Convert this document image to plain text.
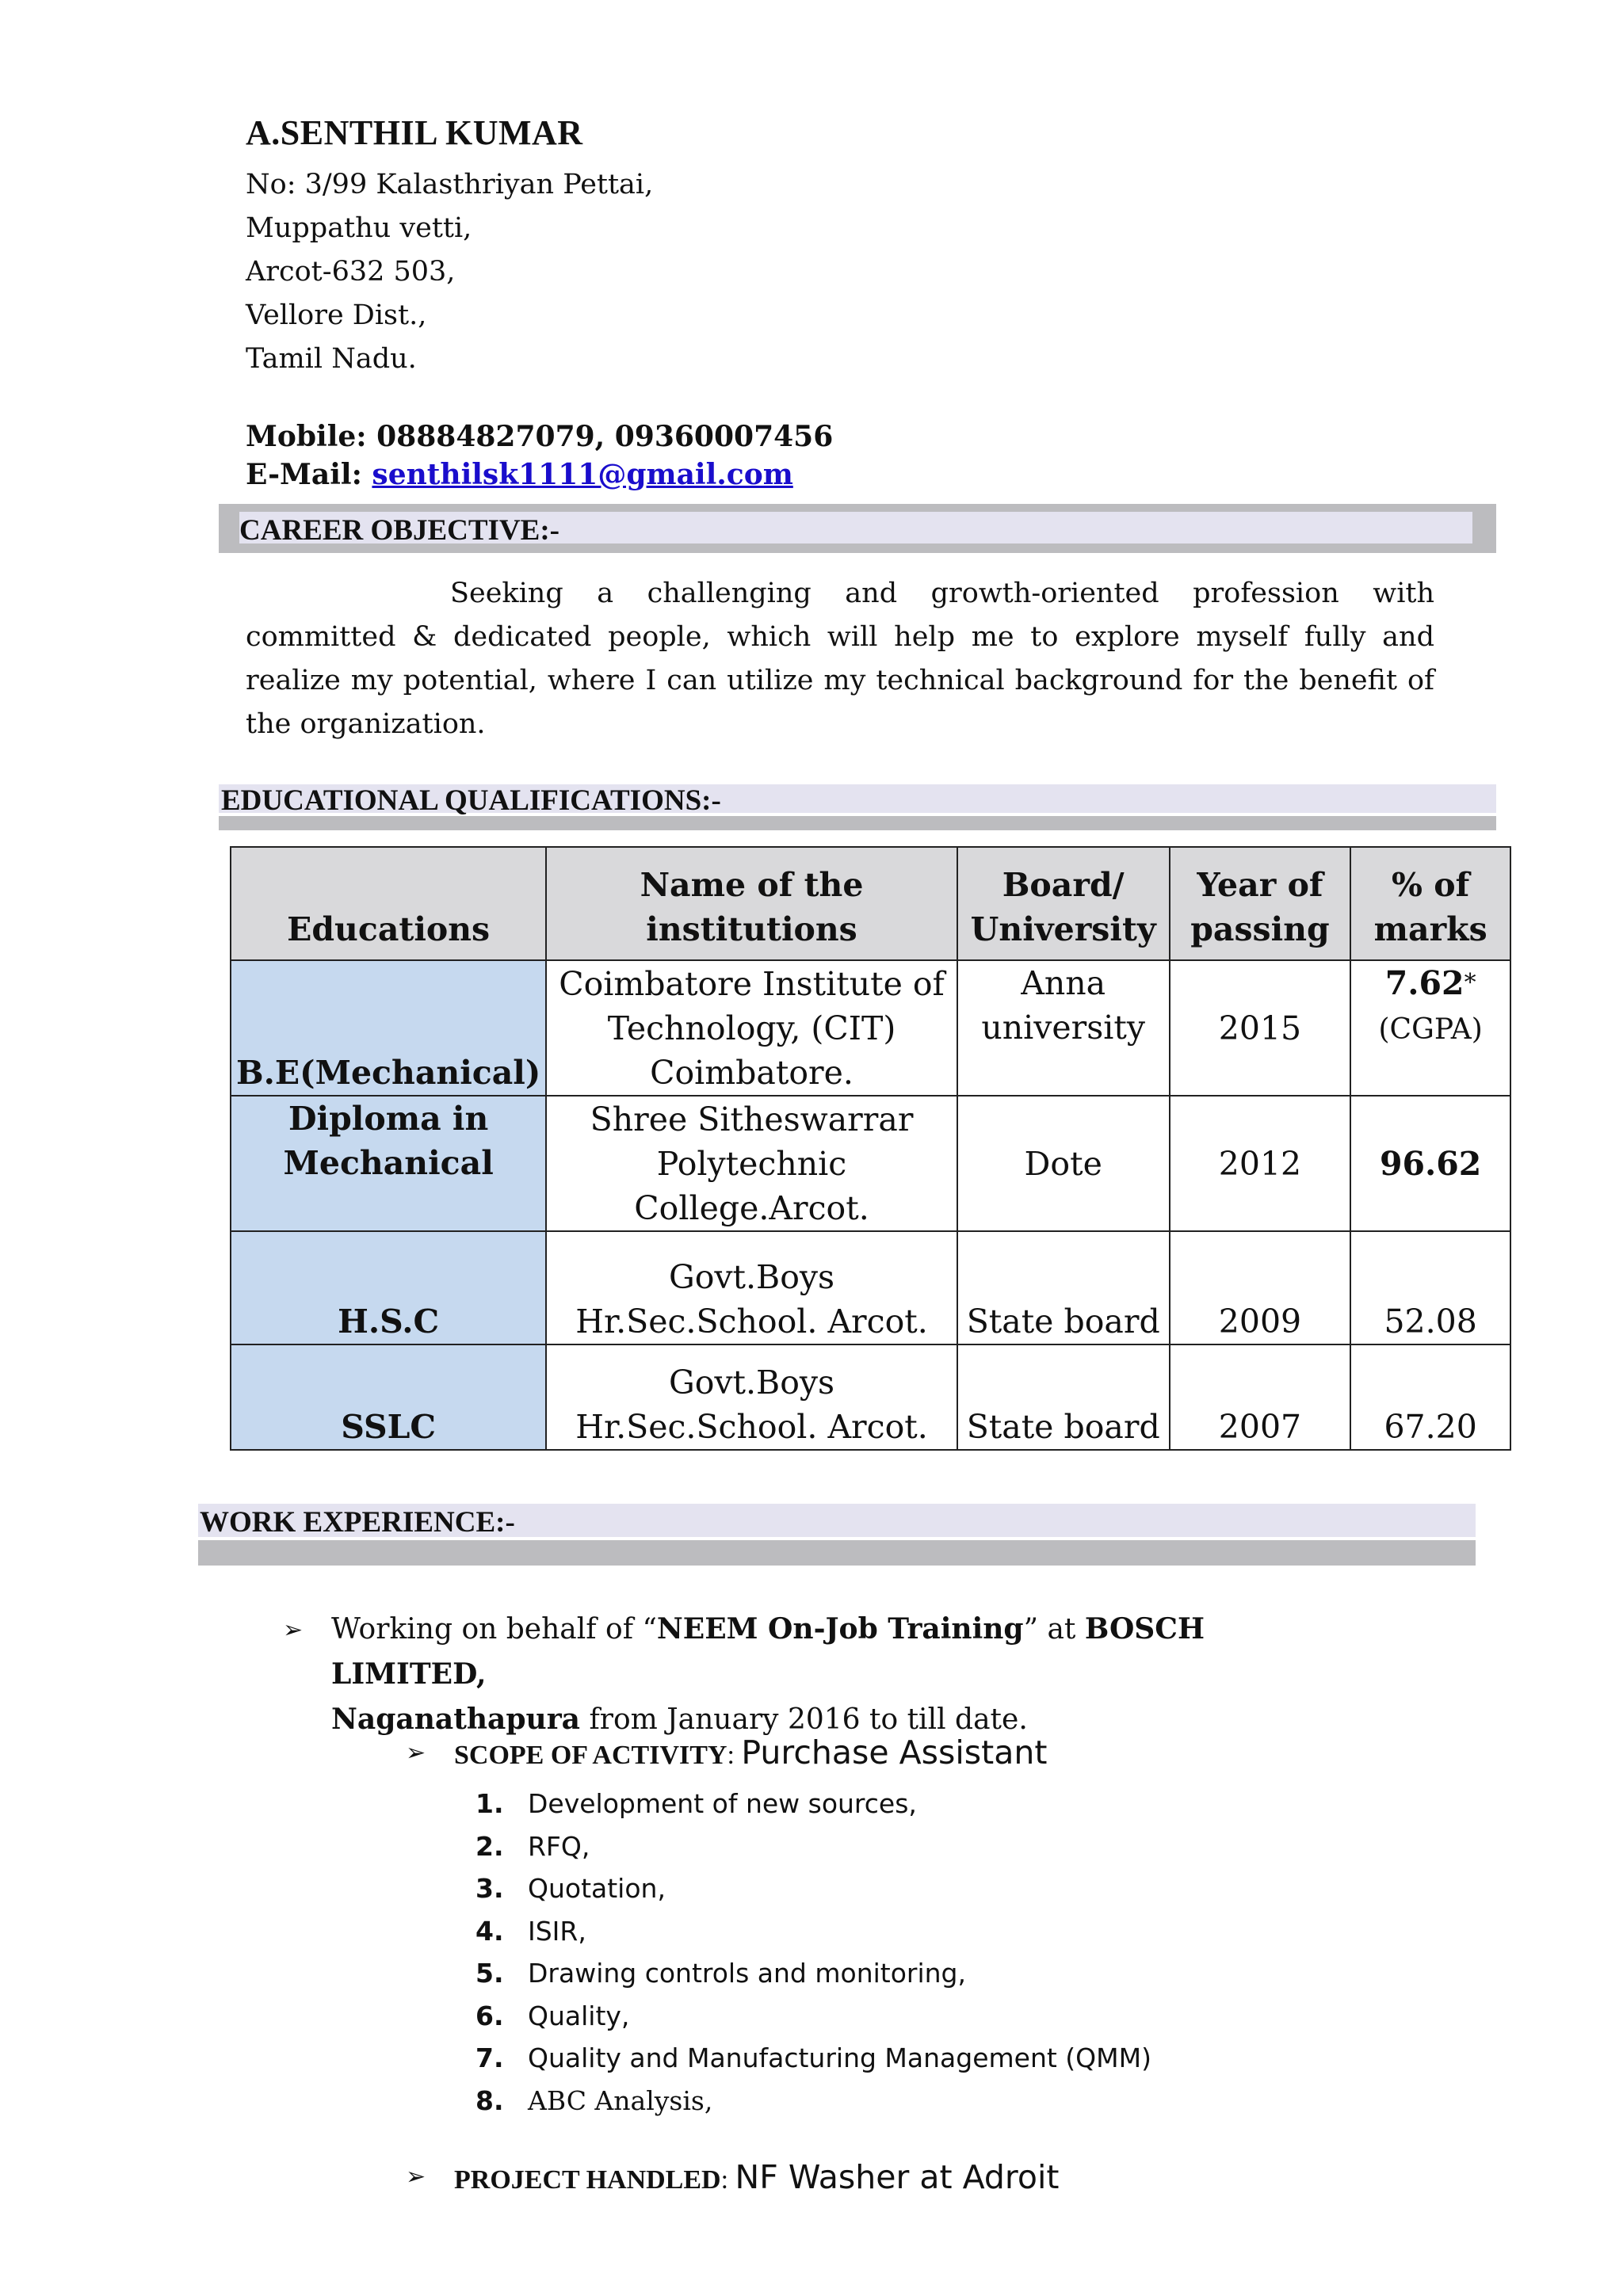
A.SENTHIL KUMAR
No: 3/99 Kalasthriyan Pettai,
Muppathu vetti,
Arcot-632 503,
Vellore Dist.,
Tamil Nadu.
Mobile: 08884827079, 09360007456
E-Mail: senthilsk1111@gmail.com
CAREER OBJECTIVE:-
Seeking a challenging and growth-oriented profession with committed & dedicated people, which will help me to explore myself fully and realize my potential, where I can utilize my technical background for the benefit of the organization.
EDUCATIONAL QUALIFICATIONS:-
Educations	Name of the institutions	Board/ University	Year of passing	% of marks
B.E(Mechanical)	Coimbatore Institute of Technology, (CIT) Coimbatore.	Anna university	2015	7.62*
(CGPA)
Diploma in Mechanical	Shree Sitheswarrar Polytechnic College.Arcot.	Dote	2012	96.62
H.S.C	Govt.Boys Hr.Sec.School. Arcot.	State board	2009	52.08
SSLC	Govt.Boys Hr.Sec.School. Arcot.	State board	2007	67.20
WORK EXPERIENCE:-
➢ Working on behalf of “NEEM On-Job Training” at BOSCH LIMITED,
Naganathapura from January 2016 to till date.
➢ SCOPE OF ACTIVITY: Purchase Assistant
1. Development of new sources,
2. RFQ,
3. Quotation,
4. ISIR,
5. Drawing controls and monitoring,
6. Quality,
7. Quality and Manufacturing Management (QMM)
8. ABC Analysis,
➢ PROJECT HANDLED: NF Washer at Adroit
